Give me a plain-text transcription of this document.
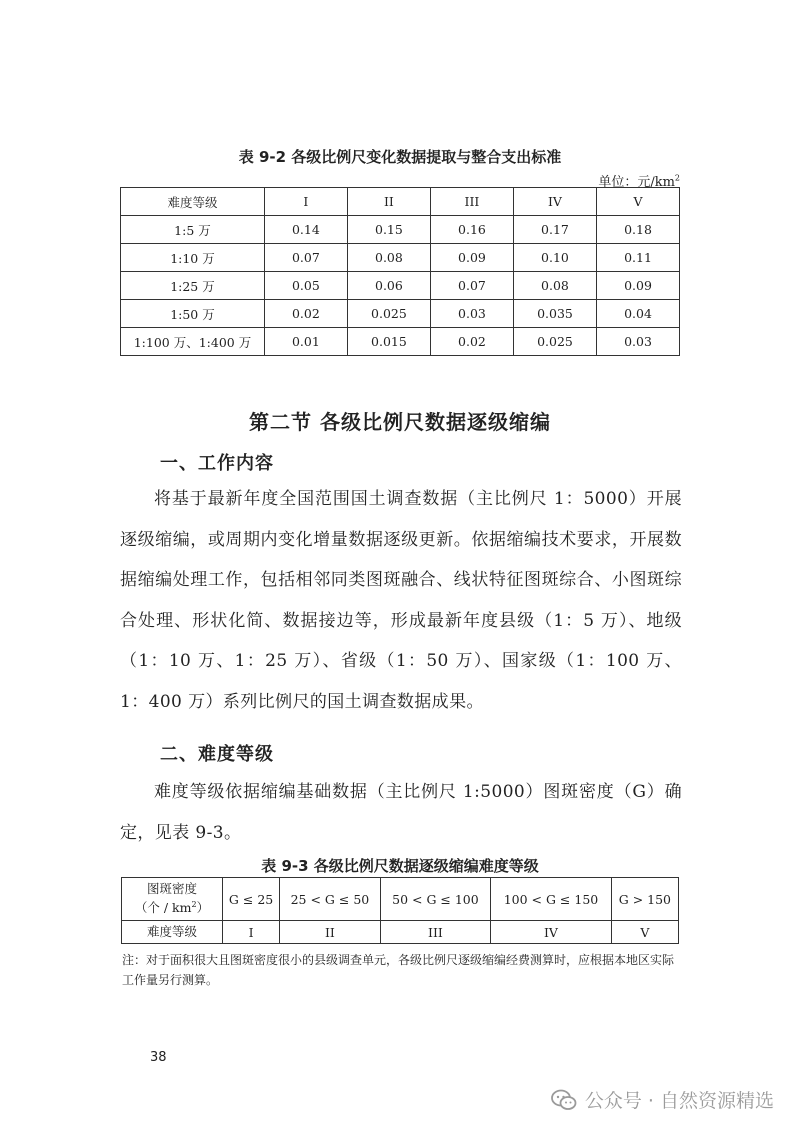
表 9-2 各级比例尺变化数据提取与整合支出标准
单位：元$/km^2$
难度等级	I	II	III	IV	V
1:5 万	0.14	0.15	0.16	0.17	0.18
1:10 万	0.07	0.08	0.09	0.10	0.11
1:25 万	0.05	0.06	0.07	0.08	0.09
1:50 万	0.02	0.025	0.03	0.035	0.04
1:100 万、1:400 万	0.01	0.015	0.02	0.025	0.03
第二节 各级比例尺数据逐级缩编
一、工作内容

将基于最新年度全国范围国土调查数据（主比例尺 1：5000）开展逐级缩编，或周期内变化增量数据逐级更新。依据缩编技术要求，开展数据缩编处理工作，包括相邻同类图斑融合、线状特征图斑综合、小图斑综合处理、形状化简、数据接边等，形成最新年度县级（1：5 万）、地级（1：10 万、1：25 万）、省级（1：50 万）、国家级（1：100 万、1：400 万）系列比例尺的国土调查数据成果。

二、难度等级

难度等级依据缩编基础数据（主比例尺 1:5000）图斑密度（G）确定，见表 9-3。

表 9-3 各级比例尺数据逐级缩编难度等级
图斑密度
（个 / $km^2$）	G ≤ 25	25 < G ≤ 50	50 < G ≤ 100	100 < G ≤ 150	G > 150
难度等级	I	II	III	IV	V
注：对于面积很大且图斑密度很小的县级调查单元，各级比例尺逐级缩编经费测算时，应根据本地区实际工作量另行测算。
38
公众号 · 自然资源精选
